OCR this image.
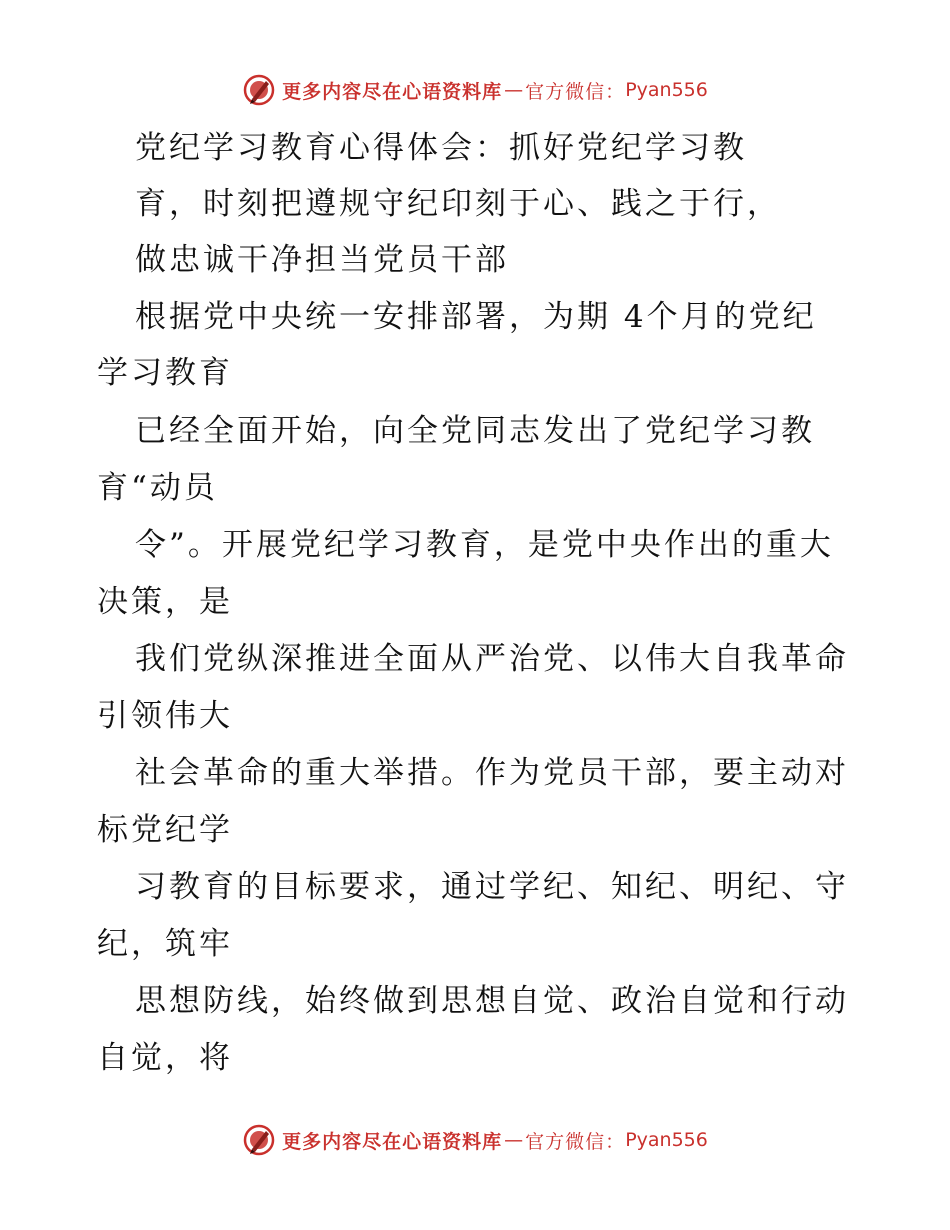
更多内容尽在心语资料库 — 官方微信： Pyan556
党纪学习教育心得体会：抓好党纪学习教
育，时刻把遵规守纪印刻于心、践之于行，
做忠诚干净担当党员干部
根据党中央统一安排部署，为期 4个月的党纪
学习教育
已经全面开始，向全党同志发出了党纪学习教
育“动员
令”。开展党纪学习教育，是党中央作出的重大
决策，是
我们党纵深推进全面从严治党、以伟大自我革命
引领伟大
社会革命的重大举措。作为党员干部，要主动对
标党纪学
习教育的目标要求，通过学纪、知纪、明纪、守
纪，筑牢
思想防线，始终做到思想自觉、政治自觉和行动
自觉，将
更多内容尽在心语资料库 — 官方微信： Pyan556
